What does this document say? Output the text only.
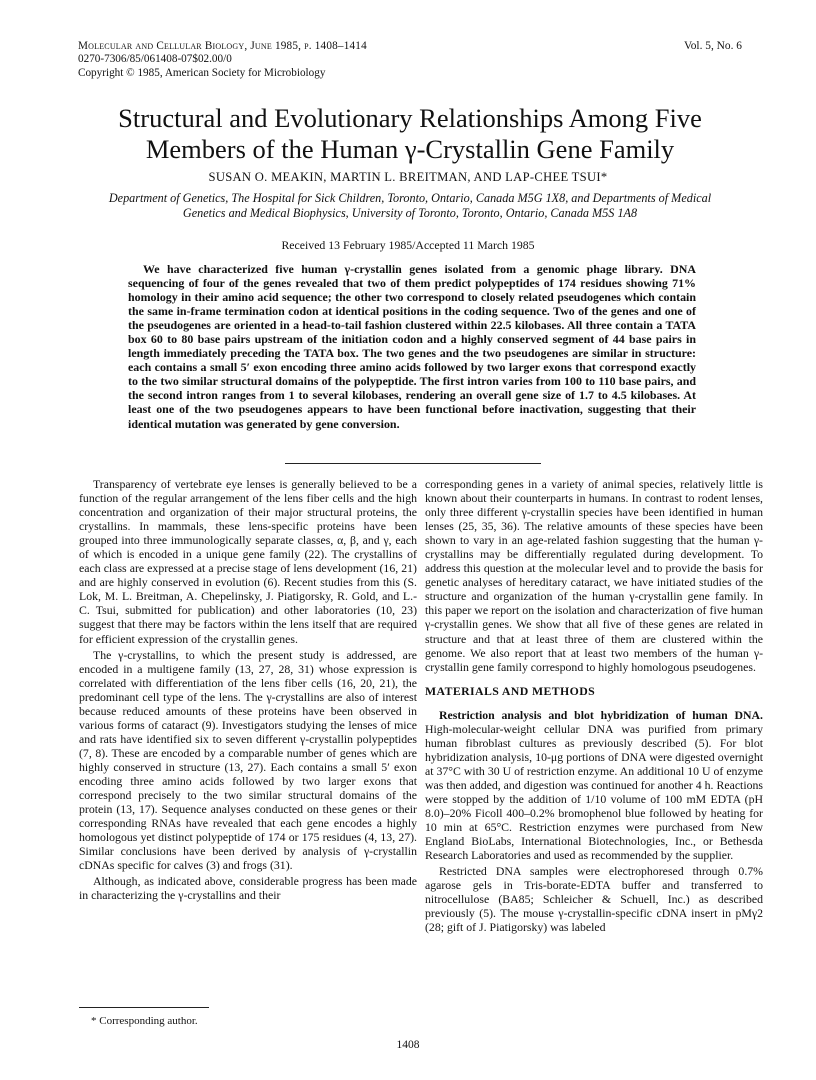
Molecular and Cellular Biology, June 1985, p. 1408–1414
0270-7306/85/061408-07$02.00/0
Copyright © 1985, American Society for Microbiology
Vol. 5, No. 6
Structural and Evolutionary Relationships Among Five Members of the Human γ-Crystallin Gene Family
SUSAN O. MEAKIN, MARTIN L. BREITMAN, AND LAP-CHEE TSUI*
Department of Genetics, The Hospital for Sick Children, Toronto, Ontario, Canada M5G 1X8, and Departments of Medical Genetics and Medical Biophysics, University of Toronto, Toronto, Ontario, Canada M5S 1A8
Received 13 February 1985/Accepted 11 March 1985

We have characterized five human γ-crystallin genes isolated from a genomic phage library. DNA sequencing of four of the genes revealed that two of them predict polypeptides of 174 residues showing 71% homology in their amino acid sequence; the other two correspond to closely related pseudogenes which contain the same in-frame termination codon at identical positions in the coding sequence. Two of the genes and one of the pseudogenes are oriented in a head-to-tail fashion clustered within 22.5 kilobases. All three contain a TATA box 60 to 80 base pairs upstream of the initiation codon and a highly conserved segment of 44 base pairs in length immediately preceding the TATA box. The two genes and the two pseudogenes are similar in structure: each contains a small 5′ exon encoding three amino acids followed by two larger exons that correspond exactly to the two similar structural domains of the polypeptide. The first intron varies from 100 to 110 base pairs, and the second intron ranges from 1 to several kilobases, rendering an overall gene size of 1.7 to 4.5 kilobases. At least one of the two pseudogenes appears to have been functional before inactivation, suggesting that their identical mutation was generated by gene conversion.

Transparency of vertebrate eye lenses is generally believed to be a function of the regular arrangement of the lens fiber cells and the high concentration and organization of their major structural proteins, the crystallins. In mammals, these lens-specific proteins have been grouped into three immunologically separate classes, α, β, and γ, each of which is encoded in a unique gene family (22). The crystallins of each class are expressed at a precise stage of lens development (16, 21) and are highly conserved in evolution (6). Recent studies from this (S. Lok, M. L. Breitman, A. Chepelinsky, J. Piatigorsky, R. Gold, and L.-C. Tsui, submitted for publication) and other laboratories (10, 23) suggest that there may be factors within the lens itself that are required for efficient expression of the crystallin genes.

The γ-crystallins, to which the present study is addressed, are encoded in a multigene family (13, 27, 28, 31) whose expression is correlated with differentiation of the lens fiber cells (16, 20, 21), the predominant cell type of the lens. The γ-crystallins are also of interest because reduced amounts of these proteins have been observed in various forms of cataract (9). Investigators studying the lenses of mice and rats have identified six to seven different γ-crystallin polypeptides (7, 8). These are encoded by a comparable number of genes which are highly conserved in structure (13, 27). Each contains a small 5′ exon encoding three amino acids followed by two larger exons that correspond precisely to the two similar structural domains of the protein (13, 17). Sequence analyses conducted on these genes or their corresponding RNAs have revealed that each gene encodes a highly homologous yet distinct polypeptide of 174 or 175 residues (4, 13, 27). Similar conclusions have been derived by analysis of γ-crystallin cDNAs specific for calves (3) and frogs (31).

Although, as indicated above, considerable progress has been made in characterizing the γ-crystallins and their

corresponding genes in a variety of animal species, relatively little is known about their counterparts in humans. In contrast to rodent lenses, only three different γ-crystallin species have been identified in human lenses (25, 35, 36). The relative amounts of these species have been shown to vary in an age-related fashion suggesting that the human γ-crystallins may be differentially regulated during development. To address this question at the molecular level and to provide the basis for genetic analyses of hereditary cataract, we have initiated studies of the structure and organization of the human γ-crystallin gene family. In this paper we report on the isolation and characterization of five human γ-crystallin genes. We show that all five of these genes are related in structure and that at least three of them are clustered within the genome. We also report that at least two members of the human γ-crystallin gene family correspond to highly homologous pseudogenes.

MATERIALS AND METHODS

Restriction analysis and blot hybridization of human DNA. High-molecular-weight cellular DNA was purified from primary human fibroblast cultures as previously described (5). For blot hybridization analysis, 10-μg portions of DNA were digested overnight at 37°C with 30 U of restriction enzyme. An additional 10 U of enzyme was then added, and digestion was continued for another 4 h. Reactions were stopped by the addition of 1/10 volume of 100 mM EDTA (pH 8.0)–20% Ficoll 400–0.2% bromophenol blue followed by heating for 10 min at 65°C. Restriction enzymes were purchased from New England BioLabs, International Biotechnologies, Inc., or Bethesda Research Laboratories and used as recommended by the supplier.

Restricted DNA samples were electrophoresed through 0.7% agarose gels in Tris-borate-EDTA buffer and transferred to nitrocellulose (BA85; Schleicher & Schuell, Inc.) as described previously (5). The mouse γ-crystallin-specific cDNA insert in pMγ2 (28; gift of J. Piatigorsky) was labeled

* Corresponding author.
1408
